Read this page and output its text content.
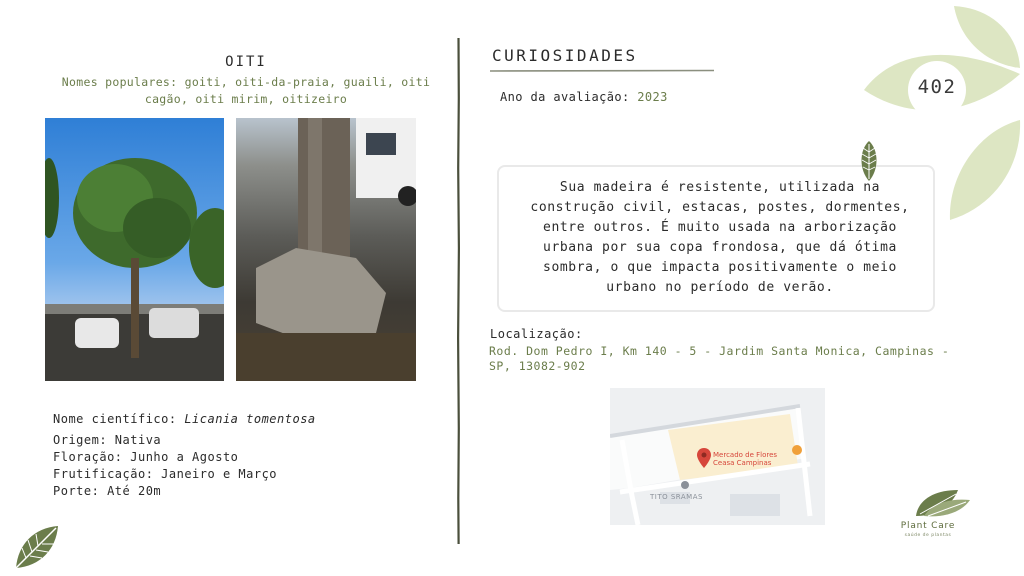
OITI
Nomes populares: goiti, oiti-da-praia, guaili, oiti cagão, oiti mirim, oitizeiro
Nome científico: Licania tomentosa
Origem: Nativa
Floração: Junho a Agosto
Frutificação: Janeiro e Março
Porte: Até 20m
CURIOSIDADES
Ano da avaliação: 2023	402
Sua madeira é resistente, utilizada na construção civil, estacas, postes, dormentes, entre outros. É muito usada na arborização urbana por sua copa frondosa, que dá ótima sombra, o que impacta positivamente o meio urbano no período de verão.
Localização:
Rod. Dom Pedro I, Km 140 - 5 - Jardim Santa Monica, Campinas - SP, 13082-902
Mercado de Flores
Ceasa Campinas
TITO SRAMAS
Plant Care
saúde de plantas
